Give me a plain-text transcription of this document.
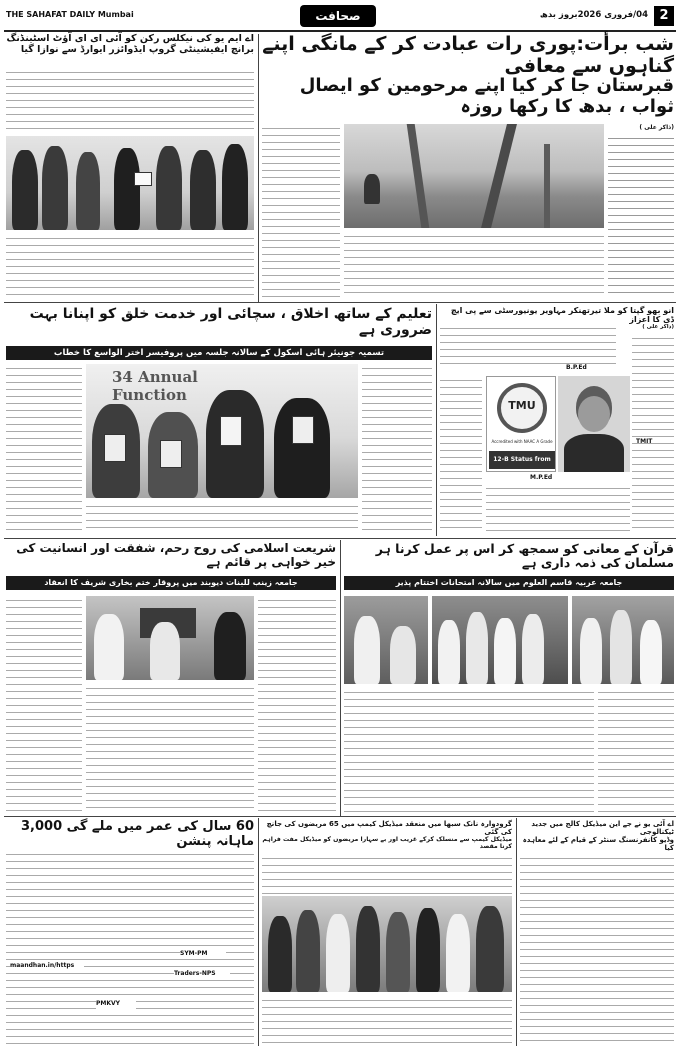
THE SAHAFAT DAILY Mumbai	صحافت	04/فروری 2026بروز بدھ 2
شب برأت:پوری رات عبادت کر کے مانگی اپنے گناہوں سے معافی
قبرستان جا کر کیا اپنے مرحومین کو ایصال ثواب ، بدھ کا رکھا روزہ
(ذاکر علی )
اے ایم یو کی نیکلس رکن کو آئی ای ای آؤٹ اسٹینڈنگ برانچ ایفیشینٹی گروپ ایڈوائزر ایوارڈ سے نوازا گیا
انو بھو گپتا کو ملا تیرتھنکر مہاویر یونیورسٹی سے پی ایچ ڈی کا اعزاز
(ذاکر علی )
TMU
Accredited with NAAC A Grade
12-B Status from UGC
B.P.Ed
M.P.Ed
TMIT
تعلیم کے ساتھ اخلاق ، سچائی اور خدمت خلق کو اپنانا بہت ضروری ہے
تسمیہ جونیئر ہائی اسکول کے سالانہ جلسہ میں پروفیسر اختر الواسع کا خطاب
34 Annual Function
قرآن کے معانی کو سمجھ کر اس پر عمل کرنا ہر مسلمان کی ذمہ داری ہے
جامعہ عربیہ قاسم العلوم میں سالانہ امتحانات اختتام پذیر
شریعت اسلامی کی روح رحم، شفقت اور انسانیت کی خیر خواہی پر قائم ہے
جامعہ زینب للبنات دیوبند میں پروقار ختم بخاری شریف کا انعقاد
اے آئی یو نے جے این میڈیکل کالج میں جدید ٹیکنالوجی
وڈیو کانفرنسنگ سنٹر کے قیام کے لئے معاہدہ کیا
گرودوارہ نانک سبھا میں منعقد میڈیکل کیمپ میں 65 مریضوں کی جانچ کی گئی
میڈیکل کیمپ سے منسلک کرکے غریب اور بے سہارا مریضوں کو میڈیکل مفت فراہم کرنا مقصد
60 سال کی عمر میں ملے گی 3,000 ماہانہ پنشن
maandhan.in/https
SYM-PM
Traders-NPS
PMKVY
